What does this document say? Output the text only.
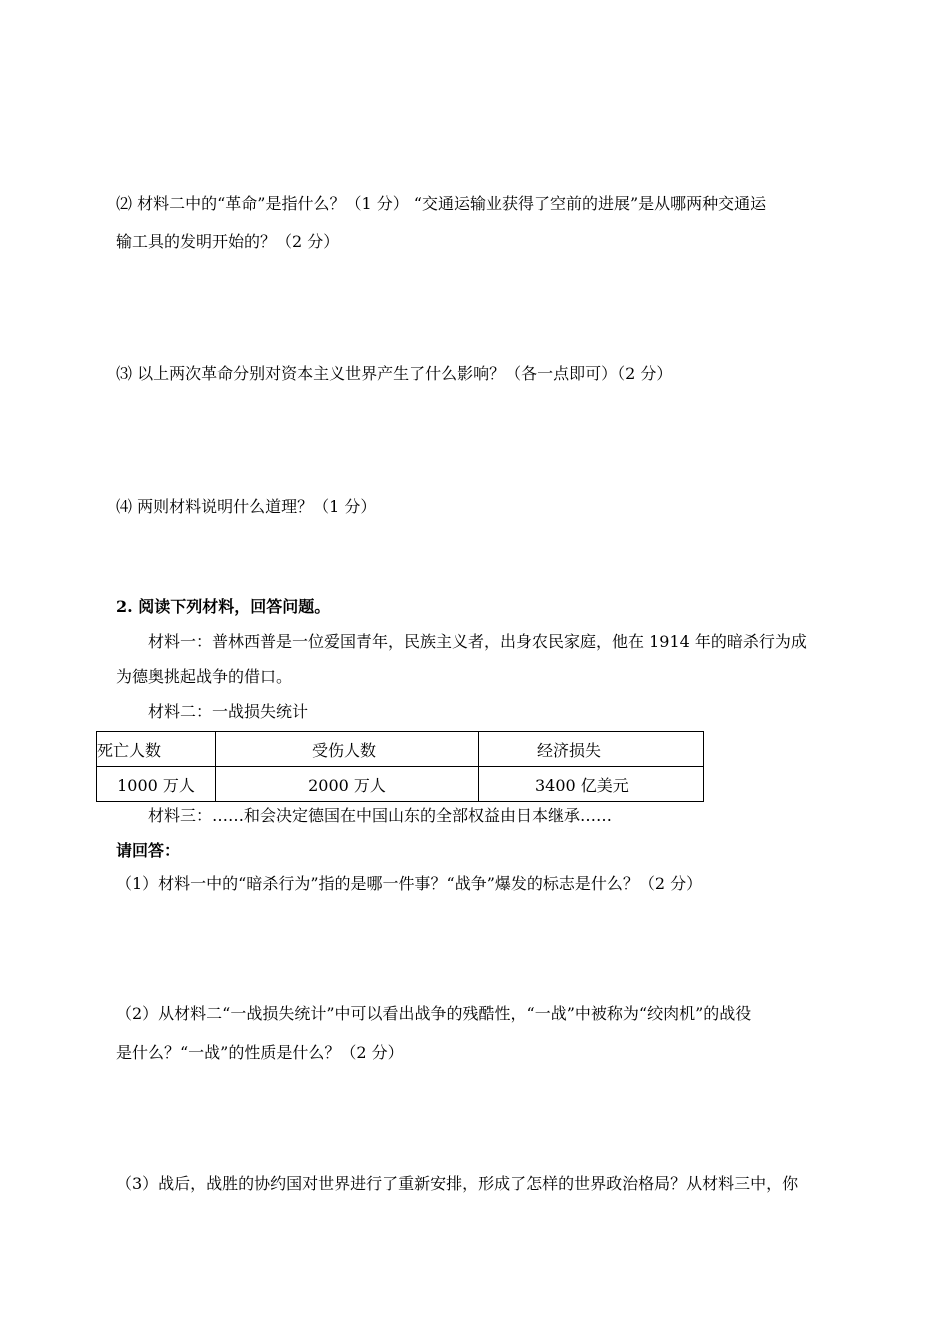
⑵ 材料二中的“革命”是指什么？（1 分） “交通运输业获得了空前的进展”是从哪两种交通运
输工具的发明开始的？（2 分）
⑶ 以上两次革命分别对资本主义世界产生了什么影响？（各一点即可）（2 分）
⑷ 两则材料说明什么道理？（1 分）
2. 阅读下列材料，回答问题。
材料一：普林西普是一位爱国青年，民族主义者，出身农民家庭，他在 1914 年的暗杀行为成
为德奥挑起战争的借口。
材料二：一战损失统计
死亡人数	受伤人数	经济损失
1000 万人	2000 万人	3400 亿美元
材料三：……和会决定德国在中国山东的全部权益由日本继承……
请回答：
（1）材料一中的“暗杀行为”指的是哪一件事？“战争”爆发的标志是什么？（2 分）
（2）从材料二“一战损失统计”中可以看出战争的残酷性，“一战”中被称为“绞肉机”的战役
是什么？“一战”的性质是什么？（2 分）
（3）战后，战胜的协约国对世界进行了重新安排，形成了怎样的世界政治格局？从材料三中，你
